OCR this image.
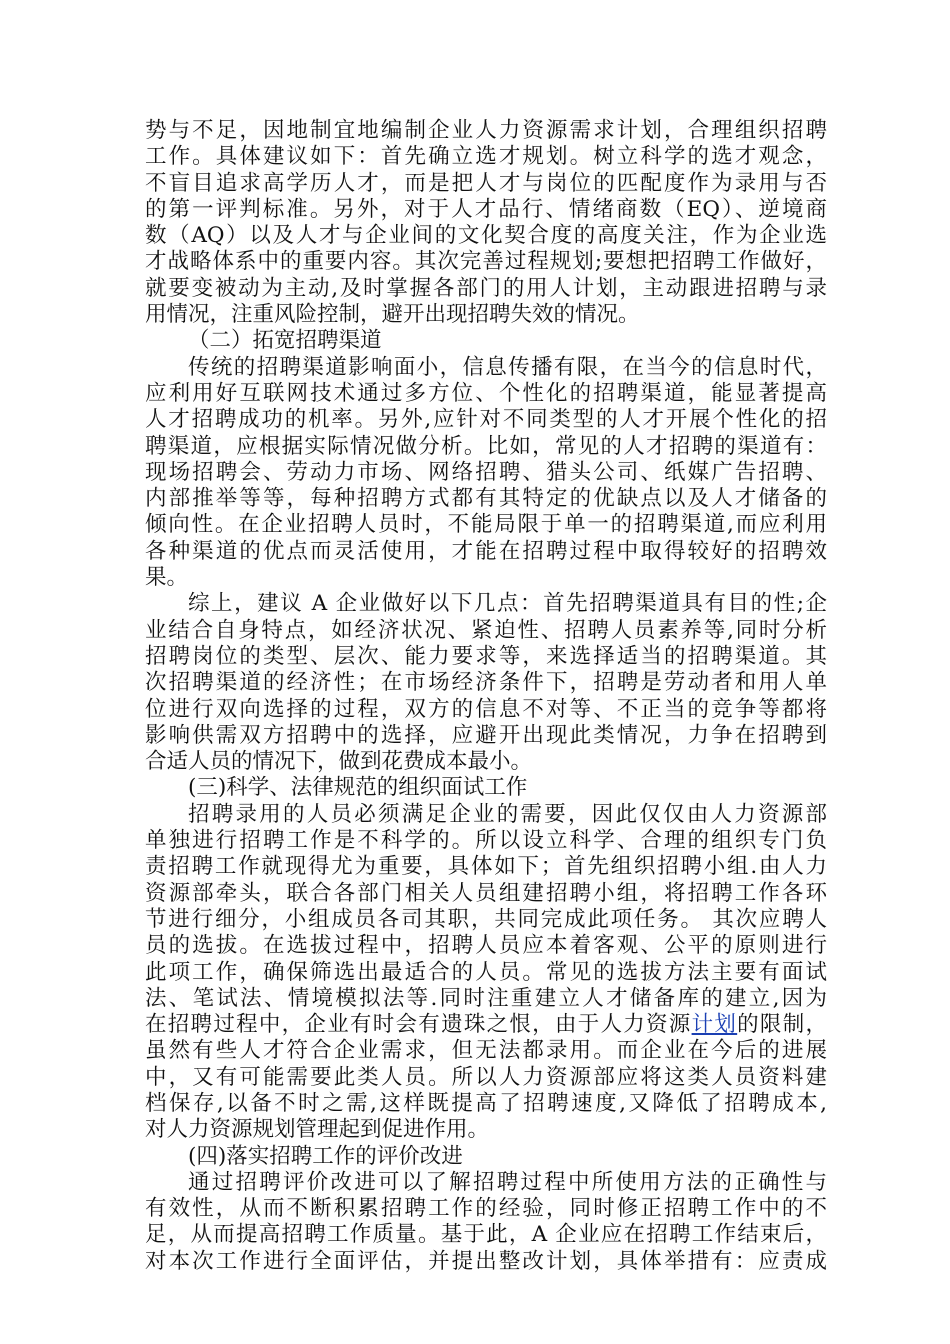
势与不足，因地制宜地编制企业人力资源需求计划，合理组织招聘
工作。具体建议如下：首先确立选才规划。树立科学的选才观念，
不盲目追求高学历人才，而是把人才与岗位的匹配度作为录用与否
的第一评判标准。另外，对于人才品行、情绪商数（EQ）、逆境商
数（AQ）以及人才与企业间的文化契合度的高度关注，作为企业选
才战略体系中的重要内容。其次完善过程规划;要想把招聘工作做好，
就要变被动为主动,及时掌握各部门的用人计划，主动跟进招聘与录
用情况，注重风险控制，避开出现招聘失效的情况。
（二）拓宽招聘渠道
传统的招聘渠道影响面小，信息传播有限，在当今的信息时代，
应利用好互联网技术通过多方位、个性化的招聘渠道，能显著提高
人才招聘成功的机率。另外,应针对不同类型的人才开展个性化的招
聘渠道，应根据实际情况做分析。比如，常见的人才招聘的渠道有：
现场招聘会、劳动力市场、网络招聘、猎头公司、纸媒广告招聘、
内部推举等等，每种招聘方式都有其特定的优缺点以及人才储备的
倾向性。在企业招聘人员时，不能局限于单一的招聘渠道,而应利用
各种渠道的优点而灵活使用，才能在招聘过程中取得较好的招聘效
果。
综上，建议 A 企业做好以下几点：首先招聘渠道具有目的性;企
业结合自身特点，如经济状况、紧迫性、招聘人员素养等,同时分析
招聘岗位的类型、层次、能力要求等，来选择适当的招聘渠道。其
次招聘渠道的经济性；在市场经济条件下，招聘是劳动者和用人单
位进行双向选择的过程，双方的信息不对等、不正当的竞争等都将
影响供需双方招聘中的选择，应避开出现此类情况，力争在招聘到
合适人员的情况下，做到花费成本最小。
(三)科学、法律规范的组织面试工作
招聘录用的人员必须满足企业的需要，因此仅仅由人力资源部
单独进行招聘工作是不科学的。所以设立科学、合理的组织专门负
责招聘工作就现得尤为重要，具体如下；首先组织招聘小组.由人力
资源部牵头，联合各部门相关人员组建招聘小组，将招聘工作各环
节进行细分，小组成员各司其职，共同完成此项任务。 其次应聘人
员的选拔。在选拔过程中，招聘人员应本着客观、公平的原则进行
此项工作，确保筛选出最适合的人员。常见的选拔方法主要有面试
法、笔试法、情境模拟法等.同时注重建立人才储备库的建立,因为
在招聘过程中，企业有时会有遗珠之恨，由于人力资源计划的限制，
虽然有些人才符合企业需求，但无法都录用。而企业在今后的进展
中，又有可能需要此类人员。所以人力资源部应将这类人员资料建
档保存,以备不时之需,这样既提高了招聘速度,又降低了招聘成本,
对人力资源规划管理起到促进作用。
(四)落实招聘工作的评价改进
通过招聘评价改进可以了解招聘过程中所使用方法的正确性与
有效性，从而不断积累招聘工作的经验，同时修正招聘工作中的不
足，从而提高招聘工作质量。基于此，A 企业应在招聘工作结束后，
对本次工作进行全面评估，并提出整改计划，具体举措有：应责成
